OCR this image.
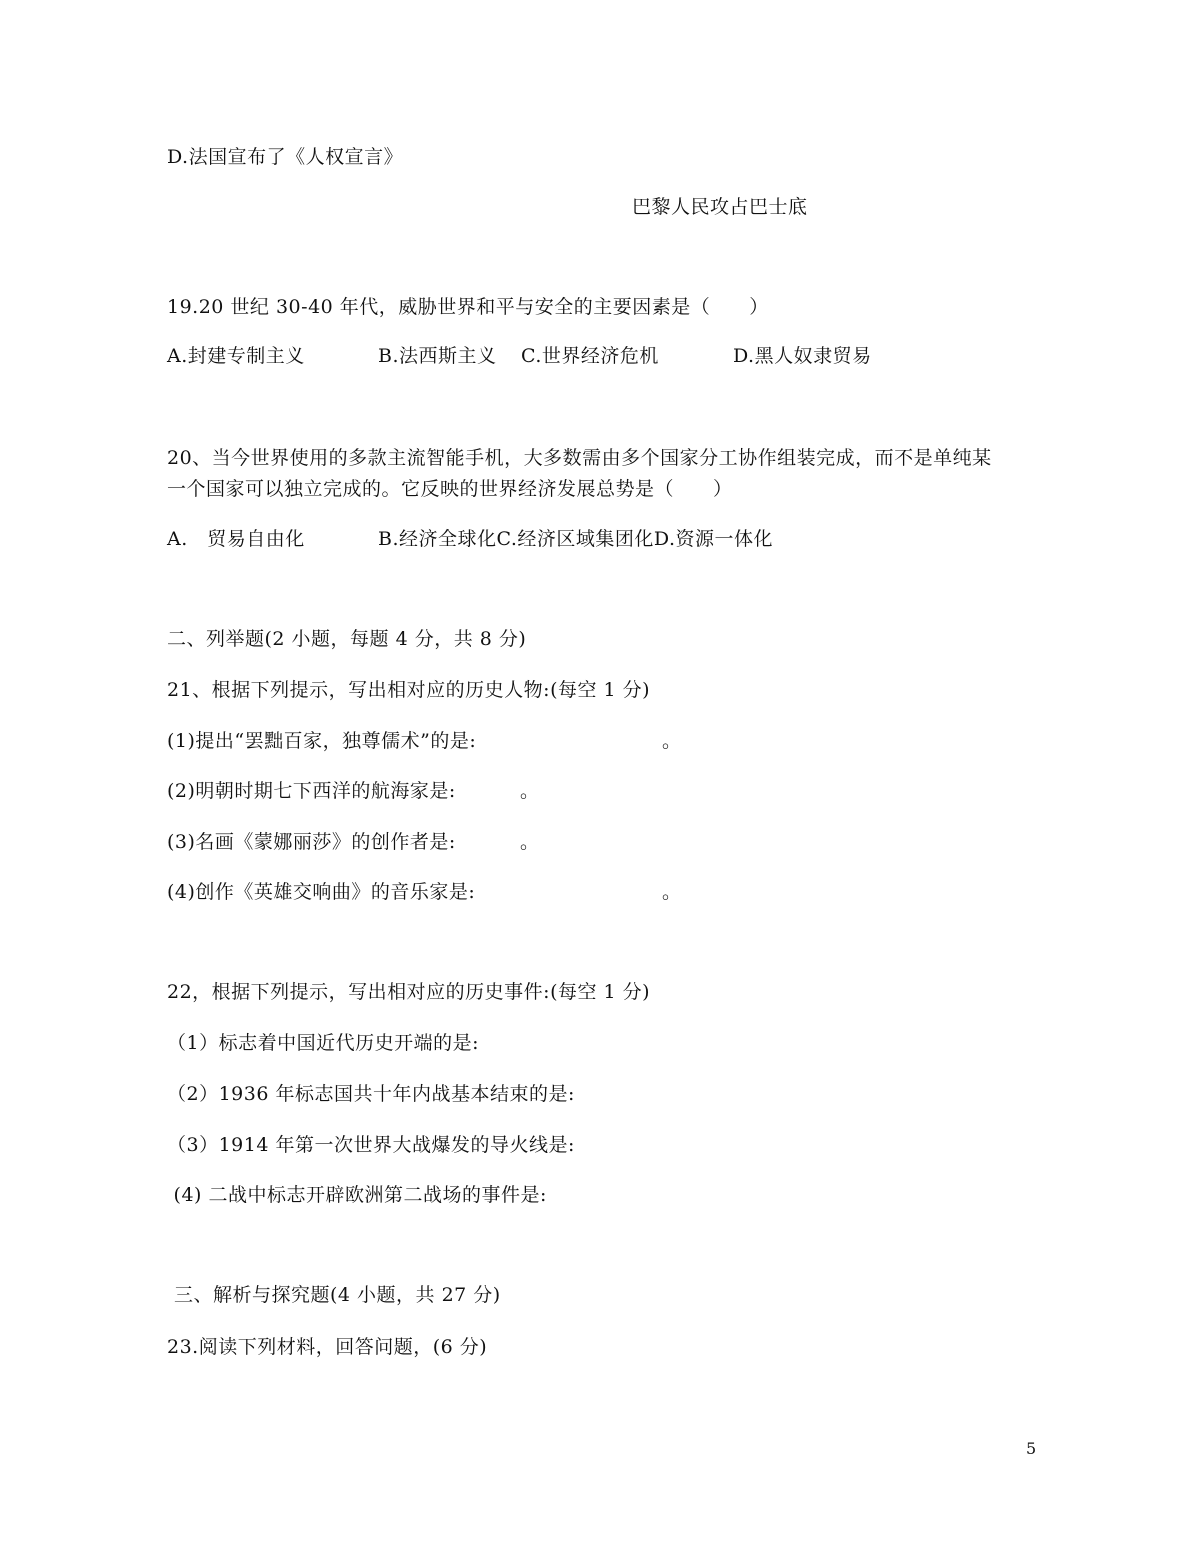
D.法国宣布了《人权宣言》
巴黎人民攻占巴士底
19.20 世纪 30-40 年代，威胁世界和平与安全的主要因素是（　　）
A.封建专制主义	B.法西斯主义 C.世界经济危机	D.黑人奴隶贸易
20、当今世界使用的多款主流智能手机，大多数需由多个国家分工协作组装完成，而不是单纯某
一个国家可以独立完成的。它反映的世界经济发展总势是（　　）
A.　贸易自由化	B.经济全球化C.经济区域集团化D.资源一体化
二、列举题(2 小题，每题 4 分，共 8 分)
21、根据下列提示，写出相对应的历史人物:(每空 1 分)
(1)提出“罢黜百家，独尊儒术”的是:	。
(2)明朝时期七下西洋的航海家是:	。
(3)名画《蒙娜丽莎》的创作者是:	。
(4)创作《英雄交响曲》的音乐家是:	。
22，根据下列提示，写出相对应的历史事件:(每空 1 分)
（1）标志着中国近代历史开端的是:
（2）1936 年标志国共十年内战基本结束的是:
（3）1914 年第一次世界大战爆发的导火线是:
(4) 二战中标志开辟欧洲第二战场的事件是:
三、解析与探究题(4 小题，共 27 分)
23.阅读下列材料，回答问题，(6 分)
5
